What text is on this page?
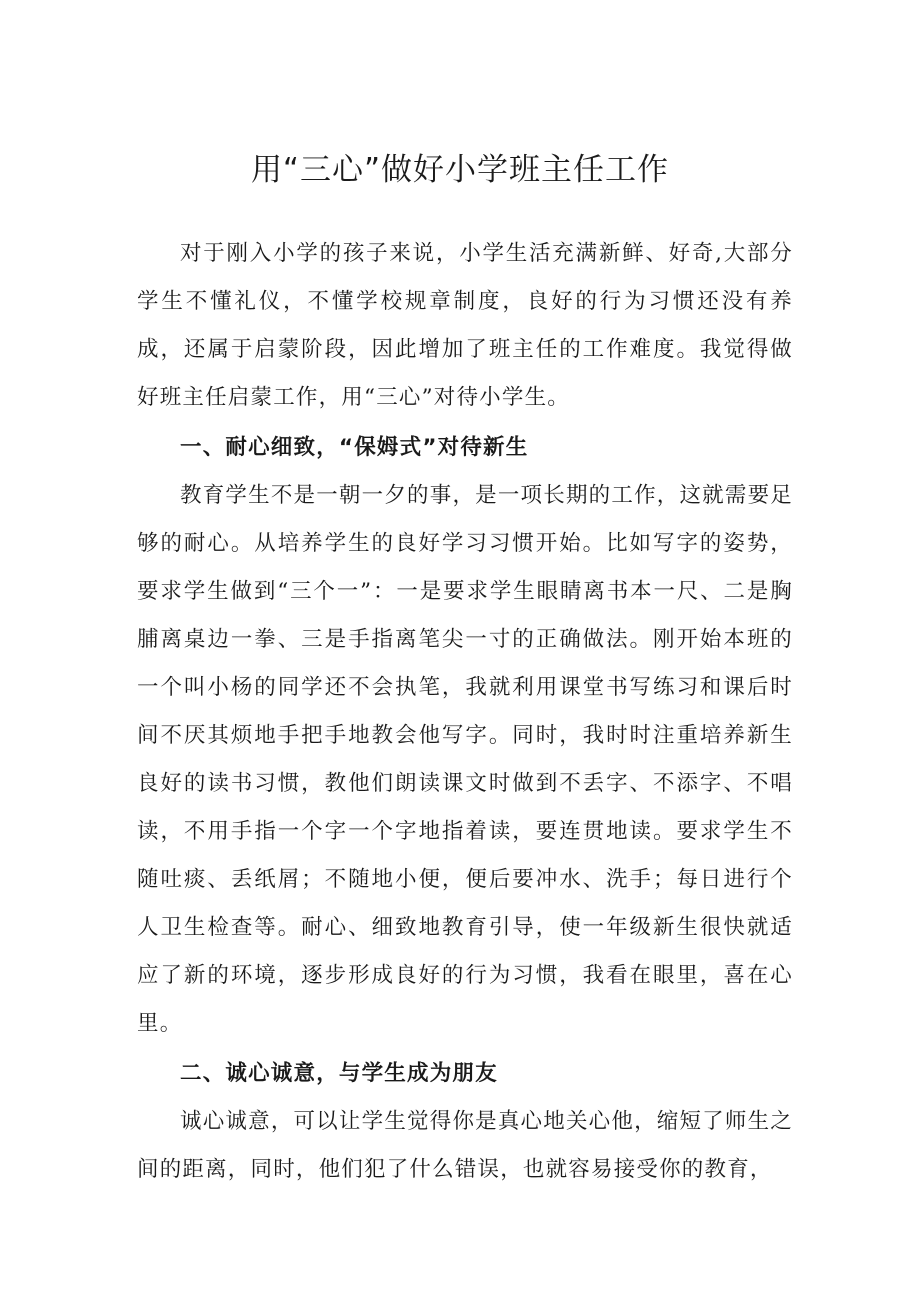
用“三心”做好小学班主任工作

对于刚入小学的孩子来说，小学生活充满新鲜、好奇,大部分学生不懂礼仪，不懂学校规章制度，良好的行为习惯还没有养成，还属于启蒙阶段，因此增加了班主任的工作难度。我觉得做好班主任启蒙工作，用“三心”对待小学生。

一、耐心细致，“保姆式”对待新生

教育学生不是一朝一夕的事，是一项长期的工作，这就需要足够的耐心。从培养学生的良好学习习惯开始。比如写字的姿势，要求学生做到“三个一”：一是要求学生眼睛离书本一尺、二是胸脯离桌边一拳、三是手指离笔尖一寸的正确做法。刚开始本班的一个叫小杨的同学还不会执笔，我就利用课堂书写练习和课后时间不厌其烦地手把手地教会他写字。同时，我时时注重培养新生良好的读书习惯，教他们朗读课文时做到不丢字、不添字、不唱读，不用手指一个字一个字地指着读，要连贯地读。要求学生不随吐痰、丢纸屑；不随地小便，便后要冲水、洗手；每日进行个人卫生检查等。耐心、细致地教育引导，使一年级新生很快就适应了新的环境，逐步形成良好的行为习惯，我看在眼里，喜在心里。

二、诚心诚意，与学生成为朋友

诚心诚意，可以让学生觉得你是真心地关心他，缩短了师生之间的距离，同时，他们犯了什么错误，也就容易接受你的教育，
